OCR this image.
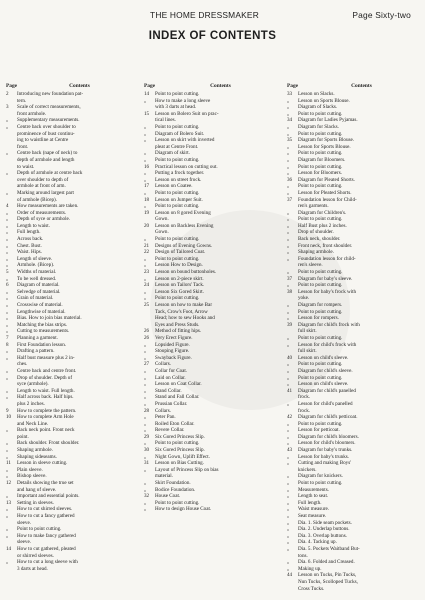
THE HOME DRESSMAKER	Page Sixty-two
INDEX OF CONTENTS
Page	Contents
2	Introducing new foundation pat-
tern.
3	Scale of correct measurements,
front armhole.
„	Supplementary measurements.
„	Centre back over shoulder to
prominence of bust continu-
ing to waistline at Centre
front.
„	Centre back (nape of neck) to
depth of armhole and length
to waist.
„	Depth of armhole at centre back
over shoulder to depth of
armhole at front of arm.
„	Marking around largest part
of armhole (Bicep).
4	How measurements are taken.
„	Order of measurements.
„	Depth of syce or armhole.
„	Length to waist.
„	Full length.
„	Across back.
„	Chest. Bust.
„	Waist. Hips.
„	Length of sleeve.
„	Armhole. (Bicep).
5	Widths of material.
„	To be well dressed.
6	Diagram of material.
„	Selvedge of material.
„	Grain of material.
„	Crosswise of material.
„	Lengthwise of material.
„	Bias. How to join bias material.
„	Matching the bias strips.
„	Cutting to measurements.
7	Planning a garment.
8	First Foundation lesson.
„	Drafting a pattern.
„	Half bust measure plus 2 in-
ches.
„	Centre back and centre front.
„	Drop of shoulder. Depth of
syce (armhole).
„	Length to waist. Full length.
„	Half across back. Half hips.
plus 2 inches.
9	How to complete the pattern.
10	How to complete Arm Hole
and Neck Line.
„	Back neck point. Front neck
point.
„	Back shoulder. Front shoulder.
„	Shaping armhole.
„	Shaping sideseams.
11	Lesson in sleeve cutting.
„	Plain sleeve.
„	Bishop sleeve.
12	Details showing the true set
and hang of sleeve.
„	Important and essential points.
13	Setting in sleeves.
„	How to cut shirred sleeves.
„	How to cut a fancy gathered
sleeve.
„	Point to point cutting.
„	How to make fancy gathered
sleeve.
14	How to cut gathered, pleated
or shirred sleeves.
„	How to cut a long sleeve with
3 darts at head.
Page	Contents
14	Point to point cutting.
„	How to make a long sleeve
with 3 darts at head.
15	Lesson on Bolero Suit on prac-
tical lines.
„	Point to point cutting.
„	Diagram of Bolero Suit.
„	Lesson on skirt with inverted
pleat at Centre Front.
„	Diagram of skirt.
„	Point to point cutting.
16	Practical lesson on cutting out.
„	Putting a frock together.
„	Lesson on street frock.
17	Lesson on Coatee.
„	Point to point cutting.
18	Lesson on Jumper Suit.
„	Point to point cutting.
19	Lesson on 8 gored Evening
Gown.
20	Lesson on Backless Evening
Gown.
„	Point to point cutting.
21	Designs of Evening Gowns.
22	Design of Tailored Coat.
„	Point to point cutting.
„	Lesson How to Design.
23	Lesson on bound buttonholes.
„	Lesson on 2-piece skirt.
24	Lesson on Tailors' Tack.
„	Lesson Six Gored Skirt.
„	Point to point cutting.
25	Lesson on how to make Bar
Tack, Crow's Foot, Arrow
Head; how to sew Hooks and
Eyes and Press Studs.
26	Method of fitting hips.
26	Very Erect Figure.
„	Lopsided Figure.
„	Stooping Figure.
„	Swayback Figure.
27	Collars.
„	Collar for Coat.
„	Laid on Collar.
„	Lesson on Coat Collar.
„	Stand Collar.
„	Stand and Fall Collar.
„	Prussian Collar.
28	Collars.
„	Peter Pan.
„	Roiled Eton Collar.
„	Revere Collar.
29	Six Gored Princess Slip.
„	Point to point cutting.
30	Six Gored Princess Slip.
„	Night Gown, Uplift Effect.
31	Lesson on Bias Cutting.
„	Layout of Princess Slip on bias
material.
„	Skirt Foundation.
„	Bodice Foundation.
32	House Coat.
„	Point to point cutting.
„	How to design House Coat.
Page	Contents
33	Lesson on Slacks.
„	Lesson on Sports Blouse.
„	Diagram of Slacks.
„	Point to point cutting.
34	Diagram for Ladies Pyjamas.
„	Diagram for Slacks.
„	Point to point cutting.
35	Diagram for Sports Blouse.
„	Lesson for Sports Blouse.
„	Point to point cutting.
„	Diagram for Bloomers.
„	Point to point cutting.
„	Lesson for Bloomers.
36	Diagram for Pleated Shorts.
„	Point to point cutting.
„	Lesson for Pleated Shorts.
37	Foundation lesson for Child-
ren's garments.
„	Diagram for Children's.
„	Point to point cutting.
„	Half Bust plus 2 inches.
„	Drop of shoulder.
„	Back neck, shoulder.
„	Front neck, front shoulder.
„	Shaping armhole.
„	Foundation lesson for child-
ren's sleeve.
„	Point to point cutting.
37	Diagram for baby's sleeve.
„	Point to point cutting.
38	Lesson for baby's frock with
yoke.
„	Diagram for rompers.
„	Point to point cutting.
„	Lesson for rompers.
39	Diagram for child's frock with
full skirt.
„	Point to point cutting.
„	Lesson for child's frock with
full skirt.
40	Lesson on child's sleeve.
„	Point to point cutting.
„	Diagram for child's sleeve.
„	Point to point cutting.
„	Lesson on child's sleeve.
41	Diagram for child's panelled
frock.
„	Lesson for child's panelled
frock.
42	Diagram for child's petticoat.
„	Point to point cutting.
„	Lesson for petticoat.
„	Diagram for child's bloomers.
„	Lesson for child's bloomers.
43	Diagram for baby's trunks.
„	Lesson for baby's trunks.
„	Cutting and making Boys'
knickers.
„	Diagram for knickers.
„	Point to point cutting.
„	Measurements.
„	Length to seat.
„	Full length.
„	Waist measure.
„	Seat measure.
„	Dia. 1. Side seam pockets.
„	Dia. 2. Underlap buttons.
„	Dia. 3. Overlap buttons.
„	Dia. 4. Tacking up.
„	Dia. 5. Pockets Waitband But-
tons.
„	Dia. 6. Folded and Creased.
„	Making up.
44	Lesson on Tucks, Pin Tucks,
Nun Tucks, Scolloped Tucks,
Cross Tucks.
